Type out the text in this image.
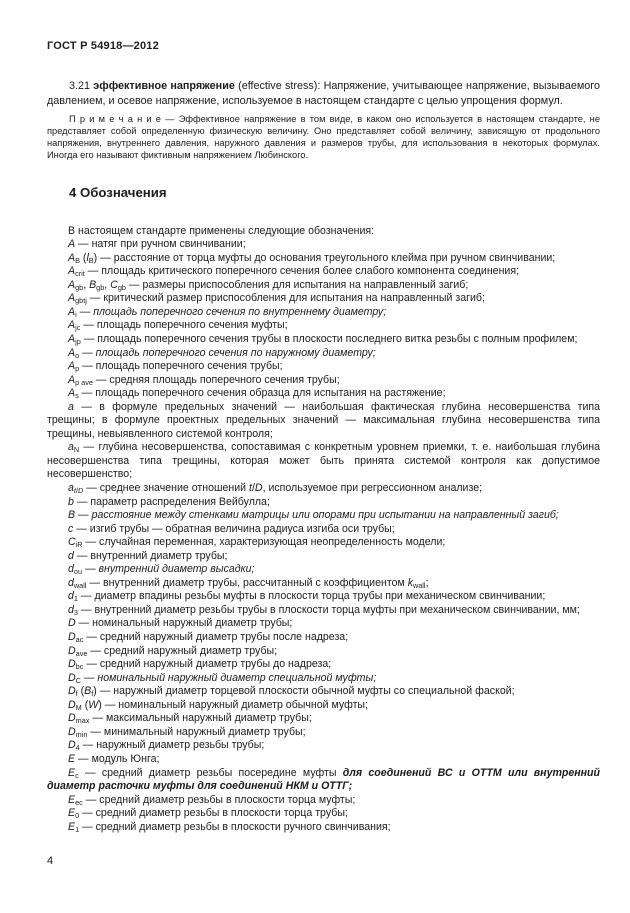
ГОСТ Р 54918—2012

3.21 эффективное напряжение (effective stress): Напряжение, учитывающее напряжение, вызываемого давлением, и осевое напряжение, используемое в настоящем стандарте с целью упрощения формул.

П р и м е ч а н и е — Эффективное напряжение в том виде, в каком оно используется в настоящем стандарте, не представляет собой определенную физическую величину. Оно представляет собой величину, зависящую от продольного напряжения, внутреннего давления, наружного давления и размеров трубы, для использования в некоторых формулах. Иногда его называют фиктивным напряжением Любинского.

4 Обозначения

В настоящем стандарте применены следующие обозначения:

A — натяг при ручном свинчивании;

$A_B$ $(l_B)$ — расстояние от торца муфты до основания треугольного клейма при ручном свинчивании;

$A_{crit}$ — площадь критического поперечного сечения более слабого компонента соединения;

$A_{gb}$, $B_{gb}$, $C_{gb}$ — размеры приспособления для испытания на направленный загиб;

$A_{gbtj}$ — критический размер приспособления для испытания на направленный загиб;

$A_i$ — площадь поперечного сечения по внутреннему диаметру;

$A_{jc}$ — площадь поперечного сечения муфты;

$A_{jp}$ — площадь поперечного сечения трубы в плоскости последнего витка резьбы с полным профилем;

$A_o$ — площадь поперечного сечения по наружному диаметру;

$A_p$ — площадь поперечного сечения трубы;

$A_{p ave}$ — средняя площадь поперечного сечения трубы;

$A_s$ — площадь поперечного сечения образца для испытания на растяжение;

a — в формуле предельных значений — наибольшая фактическая глубина несовершенства типа трещины; в формуле проектных предельных значений — максимальная глубина несовершенства типа трещины, невыявленного системой контроля;

$a_N$ — глубина несовершенства, сопоставимая с конкретным уровнем приемки, т. е. наибольшая глубина несовершенства типа трещины, которая может быть принята системой контроля как допустимое несовершенство;

$a_{t/D}$ — среднее значение отношений t/D, используемое при регрессионном анализе;

b — параметр распределения Вейбулла;

B — расстояние между стенками матрицы или опорами при испытании на направленный загиб;

c — изгиб трубы — обратная величина радиуса изгиба оси трубы;

$C_{iR}$ — случайная переменная, характеризующая неопределенность модели;

d — внутренний диаметр трубы;

$d_{ou}$ — внутренний диаметр высадки;

$d_{wall}$ — внутренний диаметр трубы, рассчитанный с коэффициентом $k_{wall}$;

$d_1$ — диаметр впадины резьбы муфты в плоскости торца трубы при механическом свинчивании;

$d_3$ — внутренний диаметр резьбы трубы в плоскости торца муфты при механическом свинчивании, мм;

D — номинальный наружный диаметр трубы;

$D_{ac}$ — средний наружный диаметр трубы после надреза;

$D_{ave}$ — средний наружный диаметр трубы;

$D_{bc}$ — средний наружный диаметр трубы до надреза;

$D_C$ — номинальный наружный диаметр специальной муфты;

$D_f$ $(B_f)$ — наружный диаметр торцевой плоскости обычной муфты со специальной фаской;

$D_M$ (W) — номинальный наружный диаметр обычной муфты;

$D_{max}$ — максимальный наружный диаметр трубы;

$D_{min}$ — минимальный наружный диаметр трубы;

$D_4$ — наружный диаметр резьбы трубы;

E — модуль Юнга;

$E_c$ — средний диаметр резьбы посередине муфты для соединений ВС и ОТТМ или внутренний диаметр расточки муфты для соединений НКМ и ОТТГ;

$E_{ec}$ — средний диаметр резьбы в плоскости торца муфты;

$E_0$ — средний диаметр резьбы в плоскости торца трубы;

$E_1$ — средний диаметр резьбы в плоскости ручного свинчивания;

4
